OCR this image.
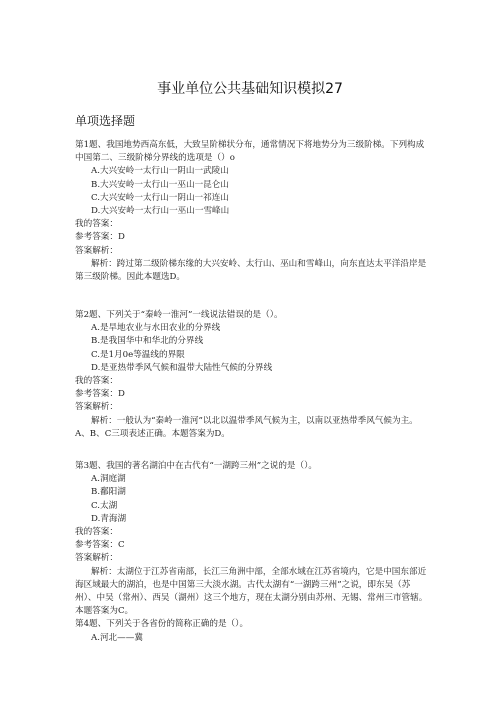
事业单位公共基础知识模拟27
单项选择题
第1题、我国地势西高东低，大致呈阶梯状分布，通常情况下将地势分为三级阶梯。下列构成中国第二、三级阶梯分界线的选项是（）o
A.大兴安岭一太行山一阴山一武陵山
B.大兴安岭一太行山一巫山一昆仑山
C.大兴安岭一太行山一阴山一祁连山
D.大兴安岭一太行山一巫山一雪峰山
我的答案：
参考答案：D
答案解析：
解析：跨过第二级阶梯东缘的大兴安岭、太行山、巫山和雪峰山，向东直达太平洋沿岸是第三级阶梯。因此本题选D。
第2题、下列关于“秦岭一淮河”一线说法错误的是（）。
A.是旱地农业与水田农业的分界线
B.是我国华中和华北的分界线
C.是1月0e等温线的界限
D.是亚热带季风气候和温带大陆性气候的分界线
我的答案：
参考答案：D
答案解析：
解析：一般认为“秦岭一淮河”以北以温带季风气候为主，以南以亚热带季风气候为主。A、B、C三项表述正确。本题答案为D。
第3题、我国的著名湖泊中在古代有“一湖跨三州”之说的是（）。
A.洞庭湖
B.鄱阳湖
C.太湖
D.青海湖
我的答案：
参考答案：C
答案解析：
解析：太湖位于江苏省南部，长江三角洲中部，全部水域在江苏省境内，它是中国东部近海区域最大的湖泊，也是中国第三大淡水湖。古代太湖有“一湖跨三州”之说，即东吴（苏州）、中吴（常州）、西吴（湖州）这三个地方，现在太湖分别由苏州、无锡、常州三市管辖。本题答案为C。
第4题、下列关于各省份的简称正确的是（）。
A.河北——冀
